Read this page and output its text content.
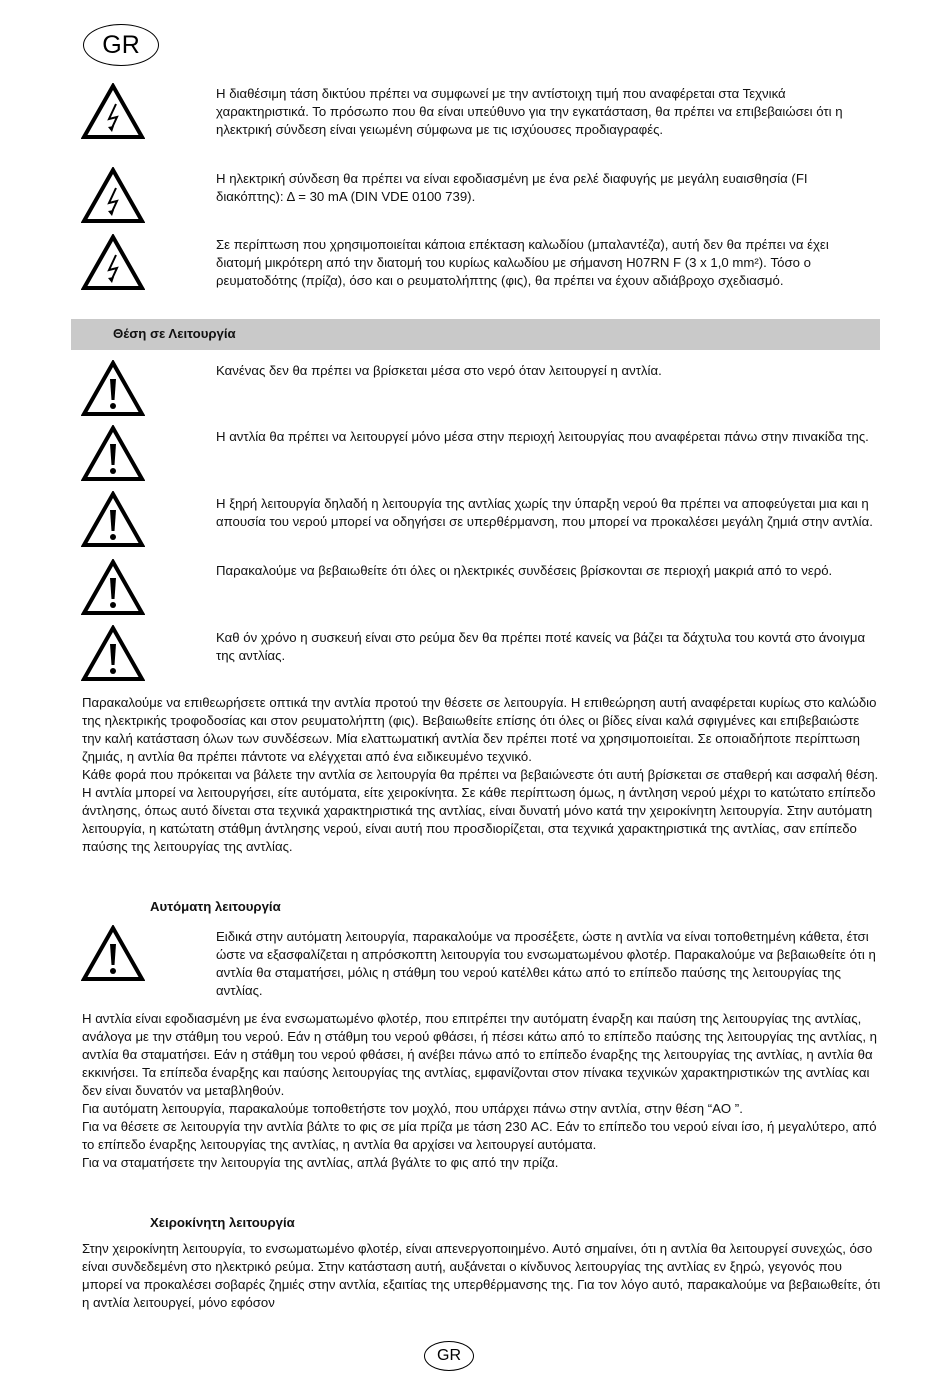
GR
GR
Η διαθέσιμη τάση δικτύου πρέπει να συμφωνεί με την αντίστοιχη τιμή που αναφέρεται στα Τεχνικά χαρακτηριστικά. Το πρόσωπο που θα είναι υπεύθυνο για την εγκατάσταση, θα πρέπει να επιβεβαιώσει ότι η ηλεκτρική σύνδεση είναι γειωμένη σύμφωνα με τις ισχύουσες προδιαγραφές.
Η ηλεκτρική σύνδεση θα πρέπει να είναι εφοδιασμένη με ένα ρελέ διαφυγής με μεγάλη ευαισθησία (FI διακόπτης): Δ = 30 mA (DIN VDE 0100 739).
Σε περίπτωση που χρησιμοποιείται κάποια επέκταση καλωδίου (μπαλαντέζα), αυτή δεν θα πρέπει να έχει διατομή μικρότερη από την διατομή του κυρίως καλωδίου με σήμανση H07RN F (3 x 1,0 mm²). Τόσο ο ρευματοδότης (πρίζα), όσο και ο ρευματολήπτης (φις), θα πρέπει να έχουν αδιάβροχο σχεδιασμό.
Θέση σε Λειτουργία
Κανένας δεν θα πρέπει να βρίσκεται μέσα στο νερό όταν λειτουργεί η αντλία.
Η αντλία θα πρέπει να λειτουργεί μόνο μέσα στην περιοχή λειτουργίας που αναφέρεται πάνω στην πινακίδα της.
Η ξηρή λειτουργία δηλαδή η λειτουργία της αντλίας χωρίς την ύπαρξη νερού θα πρέπει να αποφεύγεται μια και η απουσία του νερού μπορεί να οδηγήσει σε υπερθέρμανση, που μπορεί να προκαλέσει μεγάλη ζημιά στην αντλία.
Παρακαλούμε να βεβαιωθείτε ότι όλες οι ηλεκτρικές συνδέσεις βρίσκονται σε περιοχή μακριά από το νερό.
Καθ όν χρόνο η συσκευή είναι στο ρεύμα δεν θα πρέπει ποτέ κανείς να βάζει τα δάχτυλα του κοντά στο άνοιγμα της αντλίας.

Παρακαλούμε να επιθεωρήσετε οπτικά την αντλία προτού την θέσετε σε λειτουργία. Η επιθεώρηση αυτή αναφέρεται κυρίως στο καλώδιο της ηλεκτρικής τροφοδοσίας και στον ρευματολήπτη (φις). Βεβαιωθείτε επίσης ότι όλες οι βίδες είναι καλά σφιγμένες και επιβεβαιώστε την καλή κατάσταση όλων των συνδέσεων. Μία ελαττωματική αντλία δεν πρέπει ποτέ να χρησιμοποιείται. Σε οποιαδήποτε περίπτωση ζημιάς, η αντλία θα πρέπει πάντοτε να ελέγχεται από ένα ειδικευμένο τεχνικό.

Κάθε φορά που πρόκειται να βάλετε την αντλία σε λειτουργία θα πρέπει να βεβαιώνεστε ότι αυτή βρίσκεται σε σταθερή και ασφαλή θέση.

Η αντλία μπορεί να λειτουργήσει, είτε αυτόματα, είτε χειροκίνητα. Σε κάθε περίπτωση όμως, η άντληση νερού μέχρι το κατώτατο επίπεδο άντλησης, όπως αυτό δίνεται στα τεχνικά χαρακτηριστικά της αντλίας, είναι δυνατή μόνο κατά την χειροκίνητη λειτουργία. Στην αυτόματη λειτουργία, η κατώτατη στάθμη άντλησης νερού, είναι αυτή που προσδιορίζεται, στα τεχνικά χαρακτηριστικά της αντλίας, σαν επίπεδο παύσης της λειτουργίας της αντλίας.

Αυτόματη λειτουργία
Ειδικά στην αυτόματη λειτουργία, παρακαλούμε να προσέξετε, ώστε η αντλία να είναι τοποθετημένη κάθετα, έτσι ώστε να εξασφαλίζεται η απρόσκοπτη λειτουργία του ενσωματωμένου φλοτέρ. Παρακαλούμε να βεβαιωθείτε ότι η αντλία θα σταματήσει, μόλις η στάθμη του νερού κατέλθει κάτω από το επίπεδο παύσης της λειτουργίας της αντλίας.

Η αντλία είναι εφοδιασμένη με ένα ενσωματωμένο φλοτέρ, που επιτρέπει την αυτόματη έναρξη και παύση της λειτουργίας της αντλίας, ανάλογα με την στάθμη του νερού. Εάν η στάθμη του νερού φθάσει, ή πέσει κάτω από το επίπεδο παύσης της λειτουργίας της αντλίας, η αντλία θα σταματήσει. Εάν η στάθμη του νερού φθάσει, ή ανέβει πάνω από το επίπεδο έναρξης της λειτουργίας της αντλίας, η αντλία θα εκκινήσει. Τα επίπεδα έναρξης και παύσης λειτουργίας της αντλίας, εμφανίζονται στον πίνακα τεχνικών χαρακτηριστικών της αντλίας και δεν είναι δυνατόν να μεταβληθούν.

Για αυτόματη λειτουργία, παρακαλούμε τοποθετήστε τον μοχλό, που υπάρχει πάνω στην αντλία, στην θέση “AO ”.

Για να θέσετε σε λειτουργία την αντλία βάλτε το φις σε μία πρίζα με τάση 230 AC. Εάν το επίπεδο του νερού είναι ίσο, ή μεγαλύτερο, από το επίπεδο έναρξης λειτουργίας της αντλίας, η αντλία θα αρχίσει να λειτουργεί αυτόματα.

Για να σταματήσετε την λειτουργία της αντλίας, απλά βγάλτε το φις από την πρίζα.

Χειροκίνητη λειτουργία

Στην χειροκίνητη λειτουργία, το ενσωματωμένο φλοτέρ, είναι απενεργοποιημένο. Αυτό σημαίνει, ότι η αντλία θα λειτουργεί συνεχώς, όσο είναι συνδεδεμένη στο ηλεκτρικό ρεύμα. Στην κατάσταση αυτή, αυξάνεται ο κίνδυνος λειτουργίας της αντλίας εν ξηρώ, γεγονός που μπορεί να προκαλέσει σοβαρές ζημιές στην αντλία, εξαιτίας της υπερθέρμανσης της. Για τον λόγο αυτό, παρακαλούμε να βεβαιωθείτε, ότι η αντλία λειτουργεί, μόνο εφόσον
